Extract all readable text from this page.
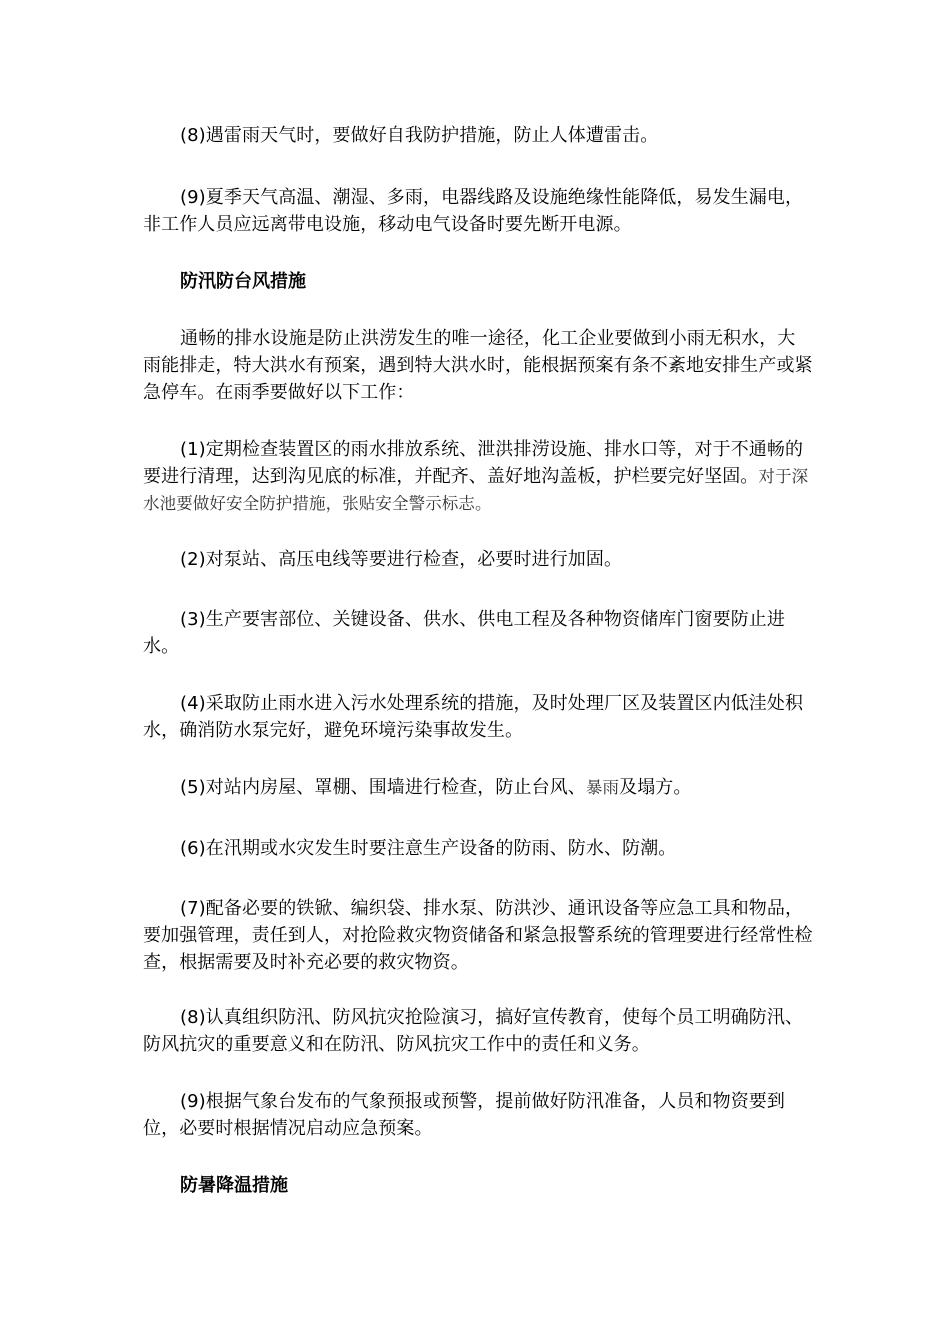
(8)遇雷雨天气时，要做好自我防护措施，防止人体遭雷击。

(9)夏季天气高温、潮湿、多雨，电器线路及设施绝缘性能降低，易发生漏电，非工作人员应远离带电设施，移动电气设备时要先断开电源。

防汛防台风措施

通畅的排水设施是防止洪涝发生的唯一途径，化工企业要做到小雨无积水，大雨能排走，特大洪水有预案，遇到特大洪水时，能根据预案有条不紊地安排生产或紧急停车。在雨季要做好以下工作：

(1)定期检查装置区的雨水排放系统、泄洪排涝设施、排水口等，对于不通畅的要进行清理，达到沟见底的标准，并配齐、盖好地沟盖板，护栏要完好坚固。对于深水池要做好安全防护措施，张贴安全警示标志。

(2)对泵站、高压电线等要进行检查，必要时进行加固。

(3)生产要害部位、关键设备、供水、供电工程及各种物资储库门窗要防止进水。

(4)采取防止雨水进入污水处理系统的措施，及时处理厂区及装置区内低洼处积水，确消防水泵完好，避免环境污染事故发生。

(5)对站内房屋、罩棚、围墙进行检查，防止台风、暴雨及塌方。

(6)在汛期或水灾发生时要注意生产设备的防雨、防水、防潮。

(7)配备必要的铁锨、编织袋、排水泵、防洪沙、通讯设备等应急工具和物品，要加强管理，责任到人，对抢险救灾物资储备和紧急报警系统的管理要进行经常性检查，根据需要及时补充必要的救灾物资。

(8)认真组织防汛、防风抗灾抢险演习，搞好宣传教育，使每个员工明确防汛、防风抗灾的重要意义和在防汛、防风抗灾工作中的责任和义务。

(9)根据气象台发布的气象预报或预警，提前做好防汛准备，人员和物资要到位，必要时根据情况启动应急预案。

防暑降温措施
